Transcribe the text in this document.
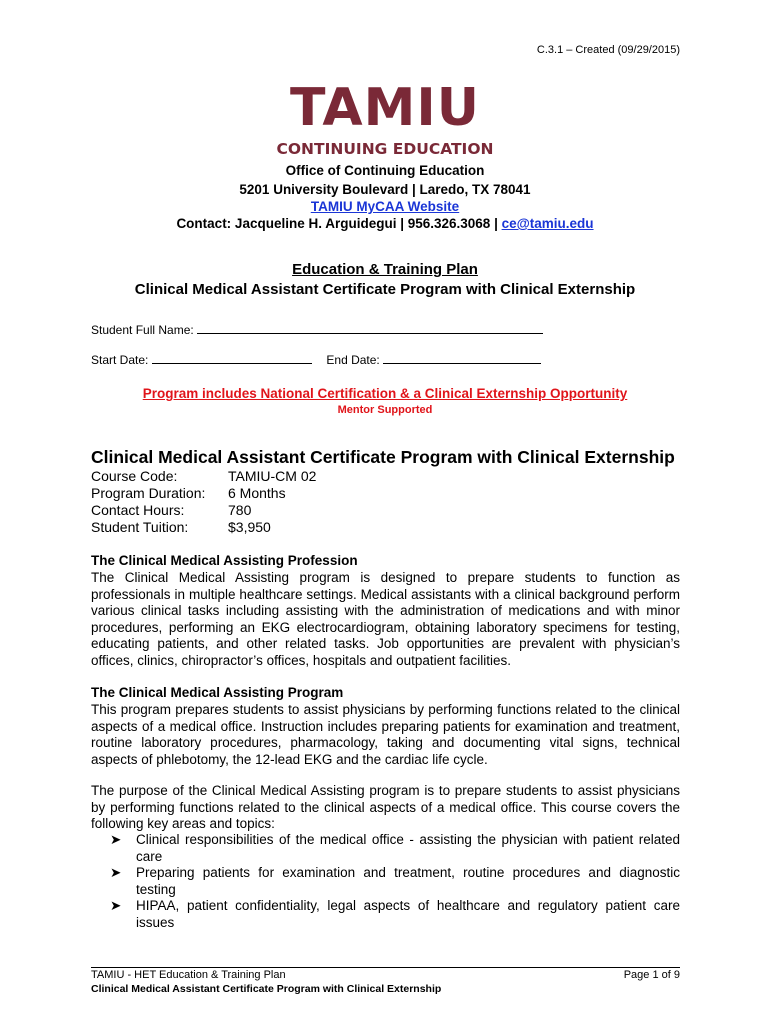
C.3.1 – Created (09/29/2015)
TAMIU
CONTINUING EDUCATION
Office of Continuing Education
5201 University Boulevard | Laredo, TX 78041
TAMIU MyCAA Website
Contact: Jacqueline H. Arguidegui | 956.326.3068 | ce@tamiu.edu
Education & Training Plan
Clinical Medical Assistant Certificate Program with Clinical Externship
Student Full Name:
Start Date:	End Date:
Program includes National Certification & a Clinical Externship Opportunity
Mentor Supported
Clinical Medical Assistant Certificate Program with Clinical Externship
Course Code:	TAMIU-CM 02
Program Duration: 6 Months
Contact Hours:	780
Student Tuition:	$3,950
The Clinical Medical Assisting Profession

The Clinical Medical Assisting program is designed to prepare students to function as professionals in multiple healthcare settings. Medical assistants with a clinical background perform various clinical tasks including assisting with the administration of medications and with minor procedures, performing an EKG electrocardiogram, obtaining laboratory specimens for testing, educating patients, and other related tasks. Job opportunities are prevalent with physician’s offices, clinics, chiropractor’s offices, hospitals and outpatient facilities.

The Clinical Medical Assisting Program

This program prepares students to assist physicians by performing functions related to the clinical aspects of a medical office. Instruction includes preparing patients for examination and treatment, routine laboratory procedures, pharmacology, taking and documenting vital signs, technical aspects of phlebotomy, the 12-lead EKG and the cardiac life cycle.

The purpose of the Clinical Medical Assisting program is to prepare students to assist physicians by performing functions related to the clinical aspects of a medical office. This course covers the following key areas and topics:

➤ Clinical responsibilities of the medical office - assisting the physician with patient related care
➤ Preparing patients for examination and treatment, routine procedures and diagnostic testing
➤ HIPAA, patient confidentiality, legal aspects of healthcare and regulatory patient care issues
TAMIU - HET Education & Training Plan
Clinical Medical Assistant Certificate Program with Clinical Externship
Page 1 of 9
